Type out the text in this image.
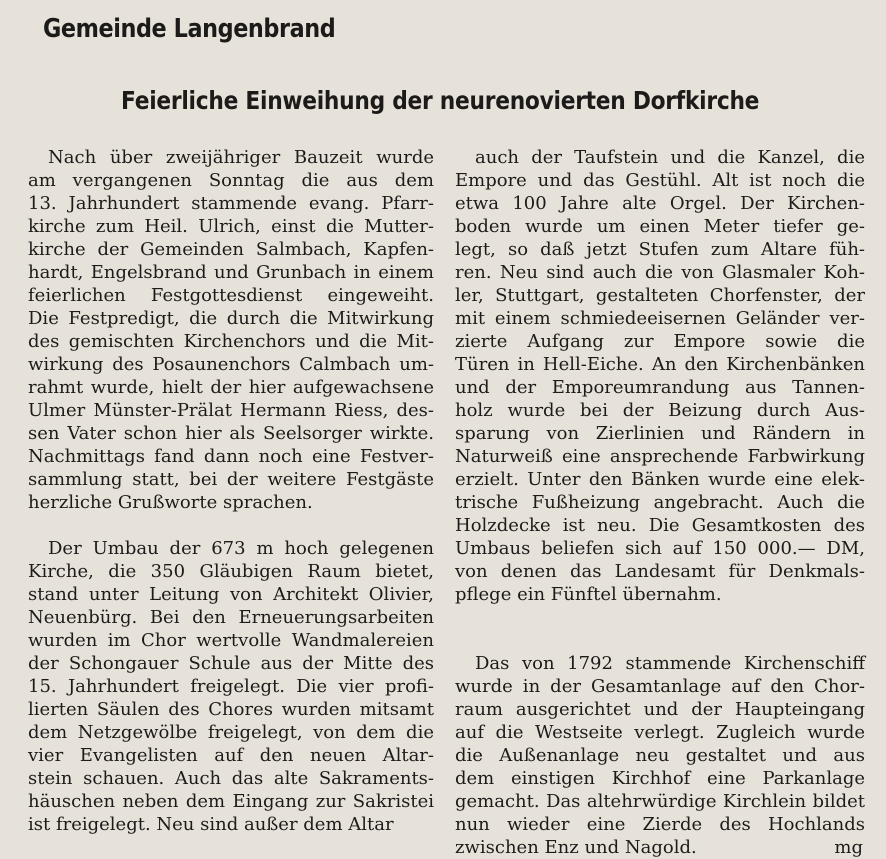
Gemeinde Langenbrand
Feierliche Einweihung der neurenovierten Dorfkirche
Nach über zweijähriger Bauzeit wurde
am vergangenen Sonntag die aus dem
13. Jahrhundert stammende evang. Pfarr-
kirche zum Heil. Ulrich, einst die Mutter-
kirche der Gemeinden Salmbach, Kapfen-
hardt, Engelsbrand und Grunbach in einem
feierlichen Festgottesdienst eingeweiht.
Die Festpredigt, die durch die Mitwirkung
des gemischten Kirchenchors und die Mit-
wirkung des Posaunenchors Calmbach um-
rahmt wurde, hielt der hier aufgewachsene
Ulmer Münster-Prälat Hermann Riess, des-
sen Vater schon hier als Seelsorger wirkte.
Nachmittags fand dann noch eine Festver-
sammlung statt, bei der weitere Festgäste
herzliche Grußworte sprachen.
Der Umbau der 673 m hoch gelegenen
Kirche, die 350 Gläubigen Raum bietet,
stand unter Leitung von Architekt Olivier,
Neuenbürg. Bei den Erneuerungsarbeiten
wurden im Chor wertvolle Wandmalereien
der Schongauer Schule aus der Mitte des
15. Jahrhundert freigelegt. Die vier profi-
lierten Säulen des Chores wurden mitsamt
dem Netzgewölbe freigelegt, von dem die
vier Evangelisten auf den neuen Altar-
stein schauen. Auch das alte Sakraments-
häuschen neben dem Eingang zur Sakristei
ist freigelegt. Neu sind außer dem Altar
auch der Taufstein und die Kanzel, die
Empore und das Gestühl. Alt ist noch die
etwa 100 Jahre alte Orgel. Der Kirchen-
boden wurde um einen Meter tiefer ge-
legt, so daß jetzt Stufen zum Altare füh-
ren. Neu sind auch die von Glasmaler Koh-
ler, Stuttgart, gestalteten Chorfenster, der
mit einem schmiedeeisernen Geländer ver-
zierte Aufgang zur Empore sowie die
Türen in Hell-Eiche. An den Kirchenbänken
und der Emporeumrandung aus Tannen-
holz wurde bei der Beizung durch Aus-
sparung von Zierlinien und Rändern in
Naturweiß eine ansprechende Farbwirkung
erzielt. Unter den Bänken wurde eine elek-
trische Fußheizung angebracht. Auch die
Holzdecke ist neu. Die Gesamtkosten des
Umbaus beliefen sich auf 150 000.— DM,
von denen das Landesamt für Denkmals-
pflege ein Fünftel übernahm.
Das von 1792 stammende Kirchenschiff
wurde in der Gesamtanlage auf den Chor-
raum ausgerichtet und der Haupteingang
auf die Westseite verlegt. Zugleich wurde
die Außenanlage neu gestaltet und aus
dem einstigen Kirchhof eine Parkanlage
gemacht. Das altehrwürdige Kirchlein bildet
nun wieder eine Zierde des Hochlands
zwischen Enz und Nagold.	mg
